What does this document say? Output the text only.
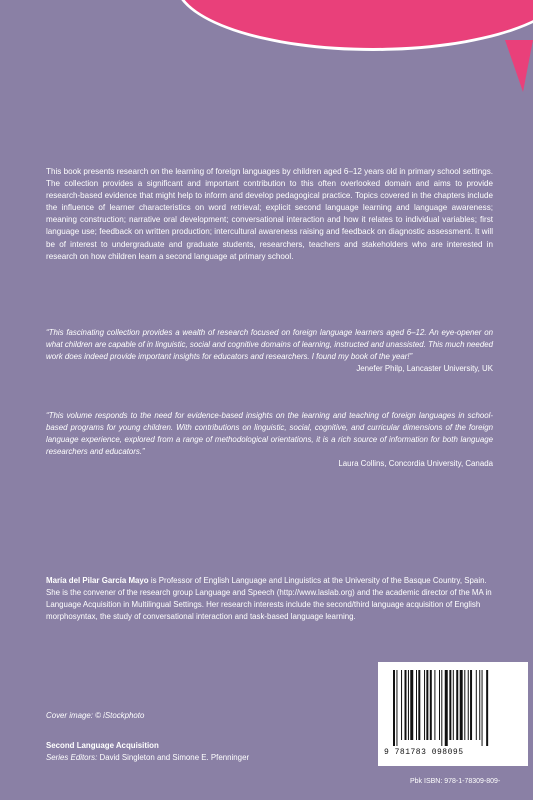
This book presents research on the learning of foreign languages by children aged 6–12 years old in primary school settings. The collection provides a significant and important contribution to this often overlooked domain and aims to provide research-based evidence that might help to inform and develop pedagogical practice. Topics covered in the chapters include the influence of learner characteristics on word retrieval; explicit second language learning and language awareness; meaning construction; narrative oral development; conversational interaction and how it relates to individual variables; first language use; feedback on written production; intercultural awareness raising and feedback on diagnostic assessment. It will be of interest to undergraduate and graduate students, researchers, teachers and stakeholders who are interested in research on how children learn a second language at primary school.

“This fascinating collection provides a wealth of research focused on foreign language learners aged 6–12. An eye-opener on what children are capable of in linguistic, social and cognitive domains of learning, instructed and unassisted. This much needed work does indeed provide important insights for educators and researchers. I found my book of the year!”

Jenefer Philp, Lancaster University, UK

“This volume responds to the need for evidence-based insights on the learning and teaching of foreign languages in school-based programs for young children. With contributions on linguistic, social, cognitive, and curricular dimensions of the foreign language experience, explored from a range of methodological orientations, it is a rich source of information for both language researchers and educators.”

Laura Collins, Concordia University, Canada

María del Pilar García Mayo is Professor of English Language and Linguistics at the University of the Basque Country, Spain. She is the convener of the research group Language and Speech (http://www.laslab.org) and the academic director of the MA in Language Acquisition in Multilingual Settings. Her research interests include the second/third language acquisition of English morphosyntax, the study of conversational interaction and task-based language learning.

Cover image: © iStockphoto
Second Language Acquisition
Series Editors: David Singleton and Simone E. Pfenninger
9 781783 098095
Pbk ISBN: 978-1-78309-809-
